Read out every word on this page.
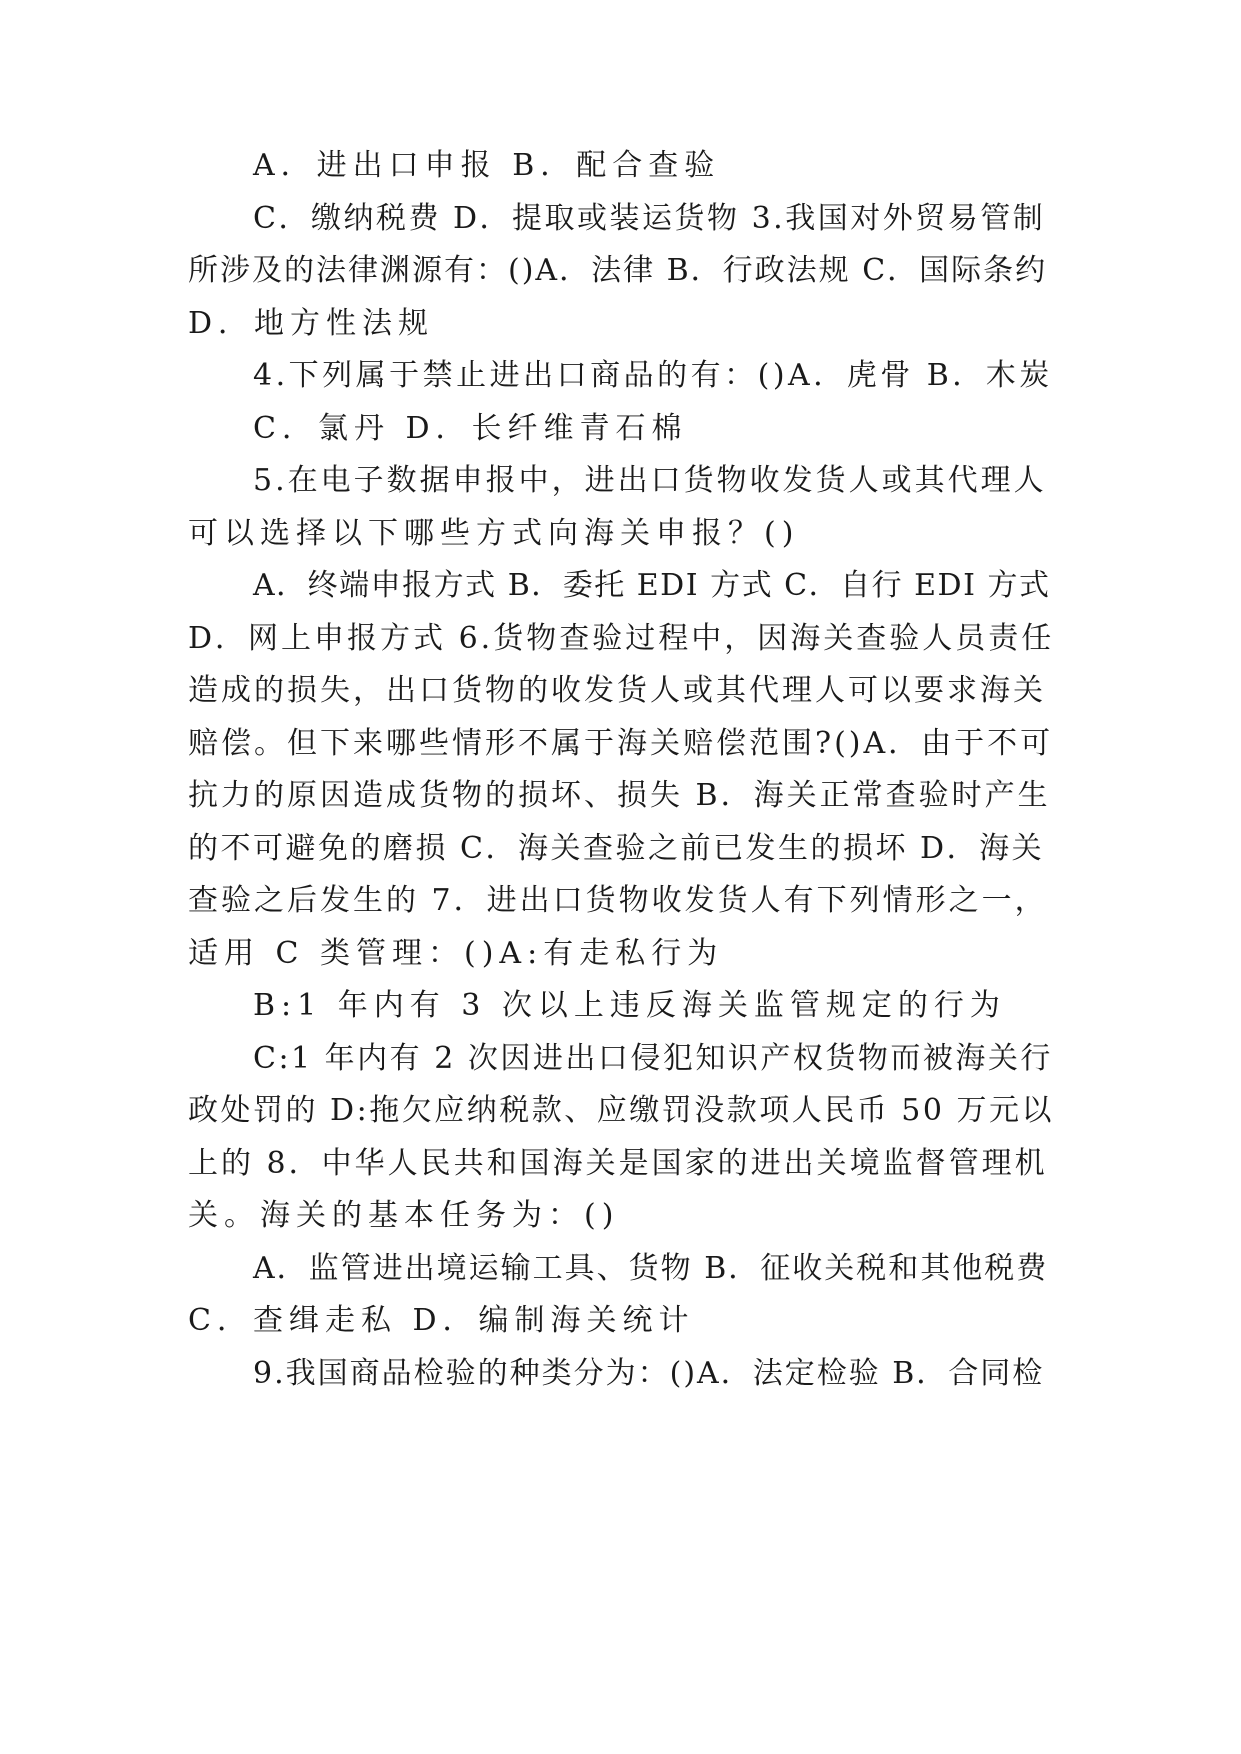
A．进出口申报 B．配合查验
C．缴纳税费 D．提取或装运货物 3.我国对外贸易管制
所涉及的法律渊源有：()A．法律 B．行政法规 C．国际条约
D．地方性法规
4.下列属于禁止进出口商品的有：()A．虎骨 B．木炭
C．氯丹 D．长纤维青石棉
5.在电子数据申报中，进出口货物收发货人或其代理人
可以选择以下哪些方式向海关申报？()
A．终端申报方式 B．委托 EDI 方式 C．自行 EDI 方式
D．网上申报方式 6.货物查验过程中，因海关查验人员责任
造成的损失，出口货物的收发货人或其代理人可以要求海关
赔偿。但下来哪些情形不属于海关赔偿范围?()A．由于不可
抗力的原因造成货物的损坏、损失 B．海关正常查验时产生
的不可避免的磨损 C．海关查验之前已发生的损坏 D．海关
查验之后发生的 7．进出口货物收发货人有下列情形之一，
适用 C 类管理：()A:有走私行为
B:1 年内有 3 次以上违反海关监管规定的行为
C:1 年内有 2 次因进出口侵犯知识产权货物而被海关行
政处罚的 D:拖欠应纳税款、应缴罚没款项人民币 50 万元以
上的 8．中华人民共和国海关是国家的进出关境监督管理机
关。海关的基本任务为：()
A．监管进出境运输工具、货物 B．征收关税和其他税费
C．查缉走私 D．编制海关统计
9.我国商品检验的种类分为：()A．法定检验 B．合同检
